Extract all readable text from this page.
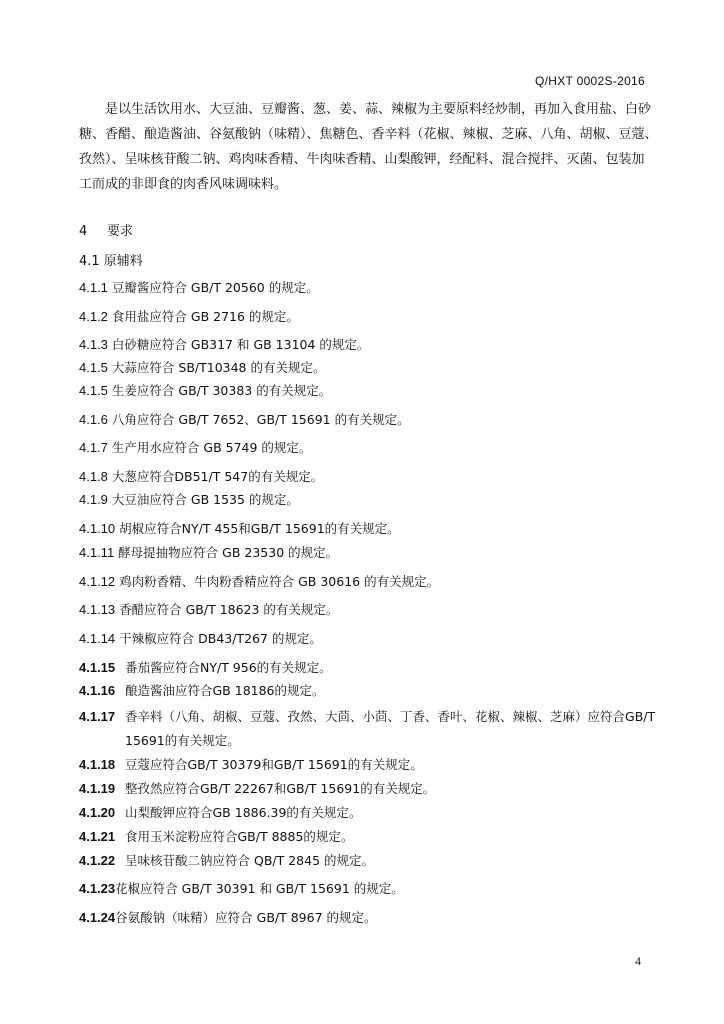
Q/HXT 0002S-2016
是以生活饮用水、大豆油、豆瓣酱、葱、姜、蒜、辣椒为主要原料经炒制，再加入食用盐、白砂
糖、香醋、酿造酱油、谷氨酸钠（味精）、焦糖色、香辛料（花椒、辣椒、芝麻、八角、胡椒、豆蔻、
孜然）、呈味核苷酸二钠、鸡肉味香精、牛肉味香精、山梨酸钾，经配料、混合搅拌、灭菌、包装加
工而成的非即食的肉香风味调味料。
4 要求
4.1 原辅料
4.1.1 豆瓣酱应符合 GB/T 20560 的规定。
4.1.2 食用盐应符合 GB 2716 的规定。
4.1.3 白砂糖应符合 GB317 和 GB 13104 的规定。
4.1.5 大蒜应符合 SB/T10348 的有关规定。
4.1.5 生姜应符合 GB/T 30383 的有关规定。
4.1.6 八角应符合 GB/T 7652、GB/T 15691 的有关规定。
4.1.7 生产用水应符合 GB 5749 的规定。
4.1.8 大葱应符合DB51/T 547的有关规定。
4.1.9 大豆油应符合 GB 1535 的规定。
4.1.10 胡椒应符合NY/T 455和GB/T 15691的有关规定。
4.1.11 酵母提抽物应符合 GB 23530 的规定。
4.1.12 鸡肉粉香精、牛肉粉香精应符合 GB 30616 的有关规定。
4.1.13 香醋应符合 GB/T 18623 的有关规定。
4.1.14 干辣椒应符合 DB43/T267 的规定。
4.1.15 番茄酱应符合NY/T 956的有关规定。
4.1.16 酿造酱油应符合GB 18186的规定。
4.1.17 香辛料（八角、胡椒、豆蔻、孜然、大茴、小茴、丁香、香叶、花椒、辣椒、芝麻）应符合GB/T
15691的有关规定。
4.1.18 豆蔻应符合GB/T 30379和GB/T 15691的有关规定。
4.1.19 整孜然应符合GB/T 22267和GB/T 15691的有关规定。
4.1.20 山梨酸钾应符合GB 1886.39的有关规定。
4.1.21 食用玉米淀粉应符合GB/T 8885的规定。
4.1.22 呈味核苷酸二钠应符合 QB/T 2845 的规定。
4.1.23花椒应符合 GB/T 30391 和 GB/T 15691 的规定。
4.1.24谷氨酸钠（味精）应符合 GB/T 8967 的规定。
4
